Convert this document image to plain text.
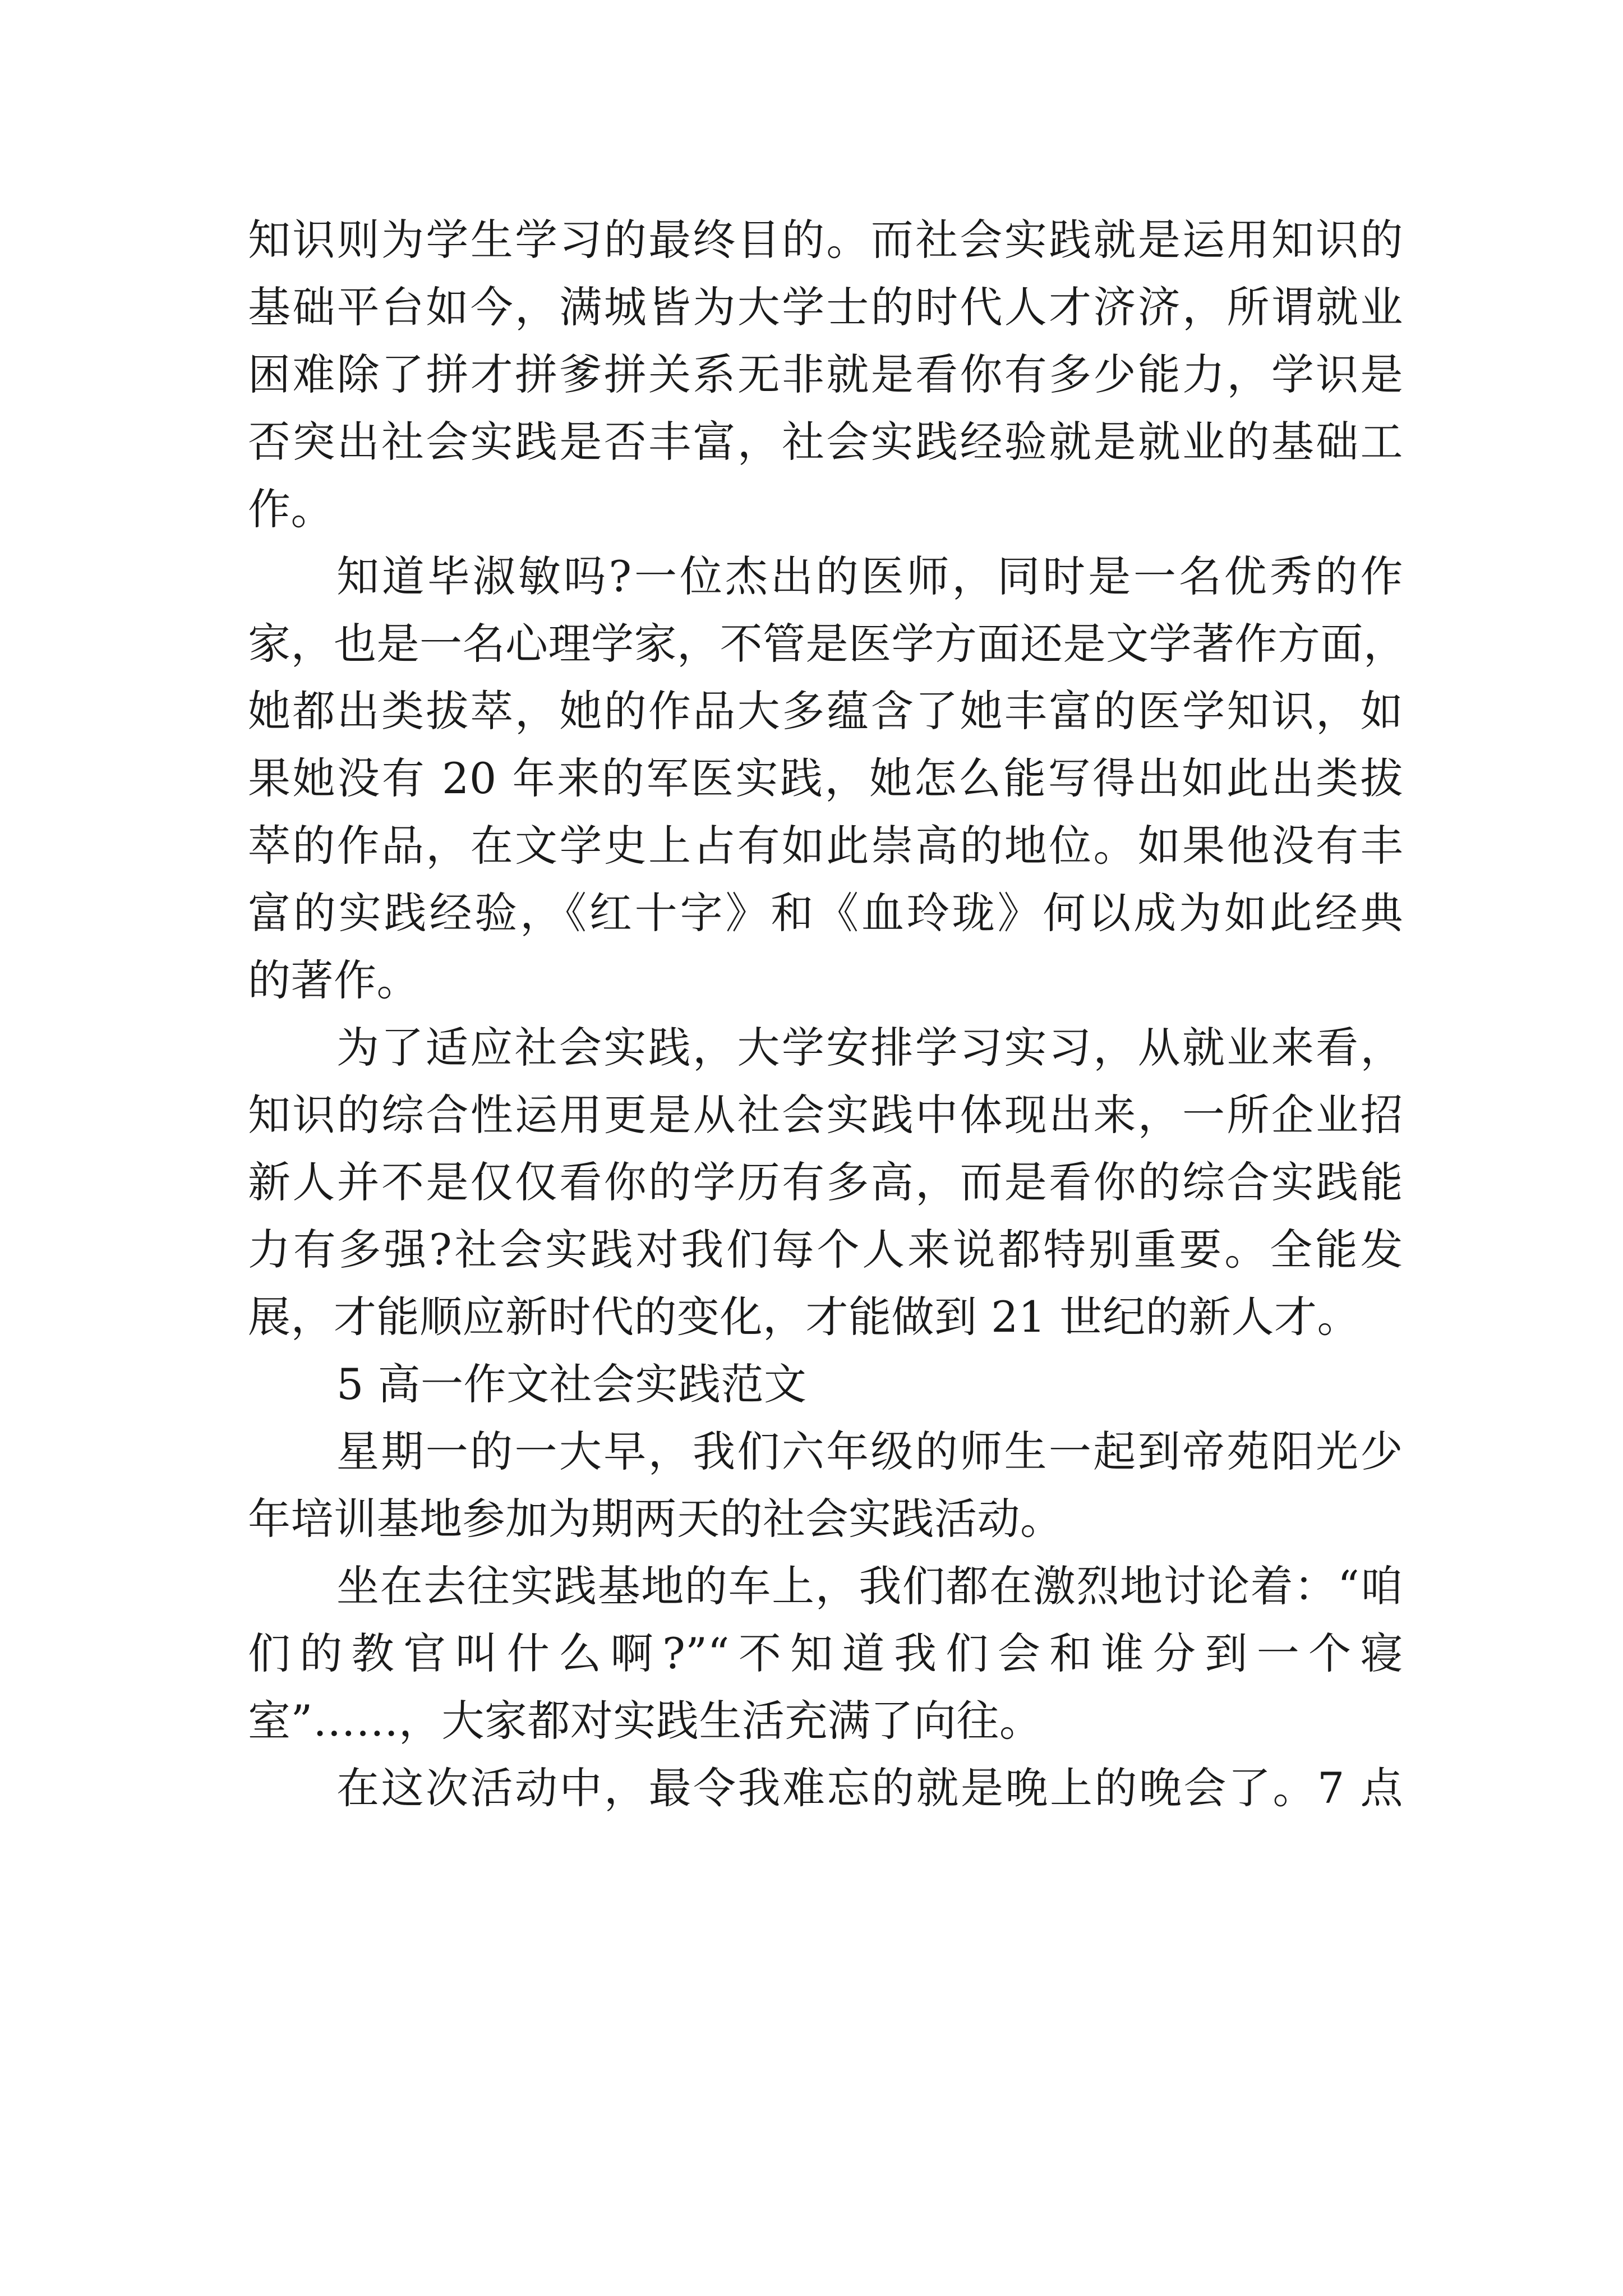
知识则为学生学习的最终目的。而社会实践就是运用知识的
基础平台如今，满城皆为大学士的时代人才济济，所谓就业
困难除了拼才拼爹拼关系无非就是看你有多少能力，学识是
否突出社会实践是否丰富，社会实践经验就是就业的基础工
作。
知道毕淑敏吗?一位杰出的医师，同时是一名优秀的作
家，也是一名心理学家，不管是医学方面还是文学著作方面，
她都出类拔萃，她的作品大多蕴含了她丰富的医学知识，如
果她没有 20 年来的军医实践，她怎么能写得出如此出类拔
萃的作品，在文学史上占有如此崇高的地位。如果他没有丰
富的实践经验，《红十字》和《血玲珑》何以成为如此经典
的著作。
为了适应社会实践，大学安排学习实习，从就业来看，
知识的综合性运用更是从社会实践中体现出来，一所企业招
新人并不是仅仅看你的学历有多高，而是看你的综合实践能
力有多强?社会实践对我们每个人来说都特别重要。全能发
展，才能顺应新时代的变化，才能做到 21 世纪的新人才。
5 高一作文社会实践范文
星期一的一大早，我们六年级的师生一起到帝苑阳光少
年培训基地参加为期两天的社会实践活动。
坐在去往实践基地的车上，我们都在激烈地讨论着：“咱
们的教官叫什么啊?”“不知道我们会和谁分到一个寝
室”……，大家都对实践生活充满了向往。
在这次活动中，最令我难忘的就是晚上的晚会了。7 点
